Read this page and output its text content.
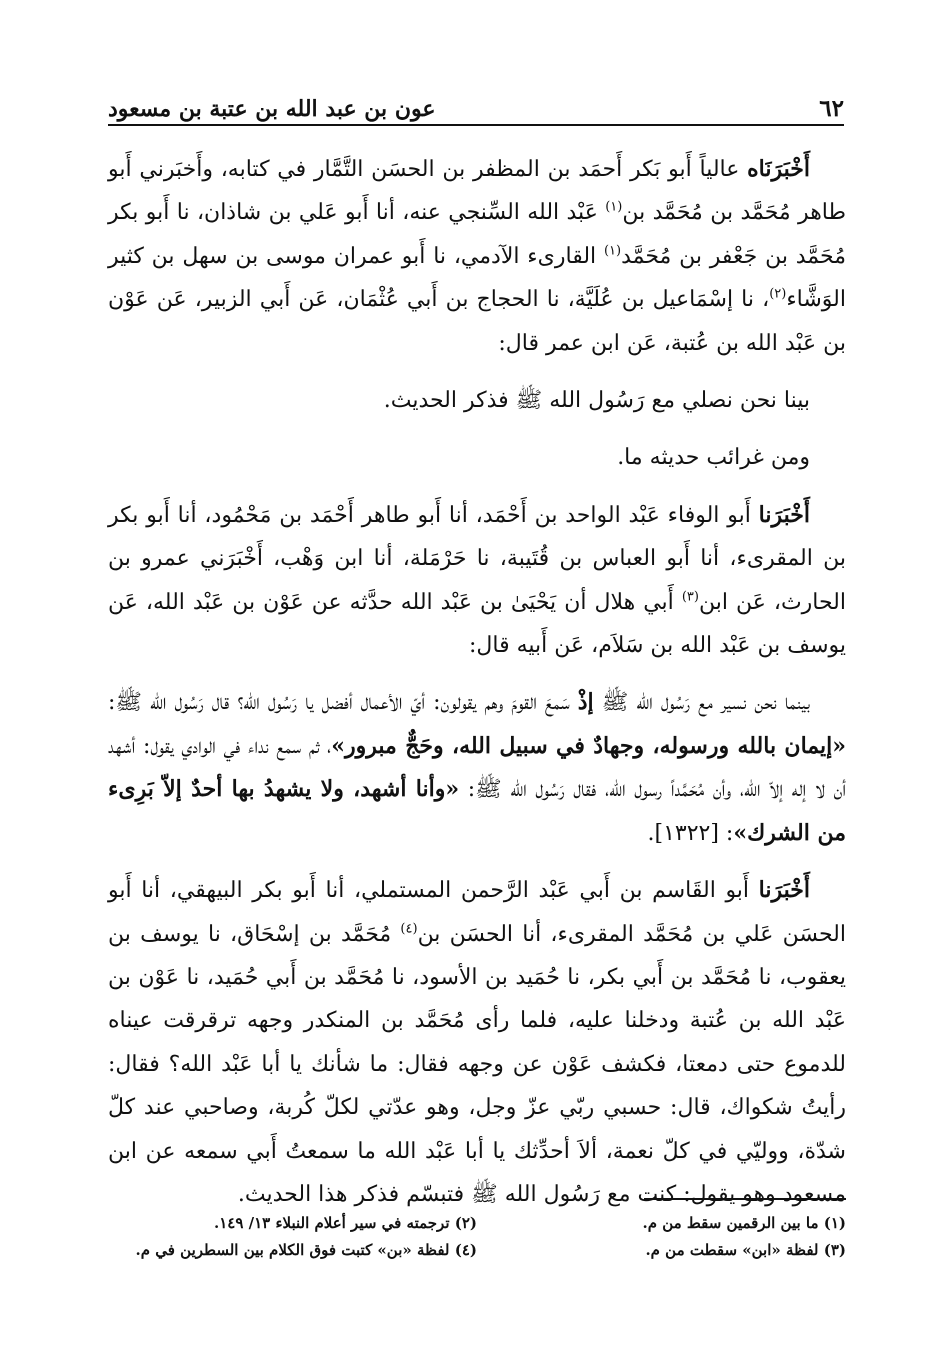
٦٢
عون بن عبد الله بن عتبة بن مسعود

أَخْبَرَنَاه عالياً أَبو بَكر أَحمَد بن المظفر بن الحسَن التَّمَّار في كتابه، وأَخبَرني أَبو طاهر مُحَمَّد بن مُحَمَّد بن$^{(١)}$ عَبْد الله السِّنجي عنه، أنا أَبو عَلي بن شاذان، نا أَبو بكر مُحَمَّد بن جَعْفر بن مُحَمَّد$^{(١)}$ القارىء الآدمي، نا أَبو عمران موسى بن سهل بن كثير الوَشَّاء$^{(٢)}$، نا إسْمَاعيل بن عُلَيَّة، نا الحجاج بن أَبي عُثْمَان، عَن أَبي الزبير، عَن عَوْن بن عَبْد الله بن عُتبة، عَن ابن عمر قال:

بينا نحن نصلي مع رَسُول الله ﷺ فذكر الحديث.

ومن غرائب حديثه ما.

أَخْبَرَنا أَبو الوفاء عَبْد الواحد بن أَحْمَد، أنا أَبو طاهر أَحْمَد بن مَحْمُود، أنا أَبو بكر بن المقرىء، أنا أَبو العباس بن قُتَيبة، نا حَرْمَلة، أنا ابن وَهْب، أَخْبَرَني عمرو بن الحارث، عَن ابن$^{(٣)}$ أَبي هلال أن يَحْيَىٰ بن عَبْد الله حدَّثه عن عَوْن بن عَبْد الله، عَن يوسف بن عَبْد الله بن سَلاَم، عَن أَبيه قال:

بينما نحن نسير مع رَسُول الله ﷺ إذْ سَمعَ القومَ وهم يقولون: أيّ الأعمال أفضل يا رَسُول الله؟ قال رَسُول الله ﷺ: «إيمان بالله ورسوله، وجهادٌ في سبيل الله، وحَجٌّ مبرور»، ثم سمع نداء في الوادي يقول: أشهد أن لا إله إلاّ الله، وأن مُحَمَّداً رسول الله، فقال رَسُول الله ﷺ: «وأنا أشهد، ولا يشهدُ بها أحدٌ إلاّ بَرِىء من الشرك»: [١٣٢٢].

أَخْبَرَنا أَبو القَاسم بن أَبي عَبْد الرَّحمن المستملي، أنا أَبو بكر البيهقي، أنا أَبو الحسَن عَلي بن مُحَمَّد المقرىء، أنا الحسَن بن$^{(٤)}$ مُحَمَّد بن إسْحَاق، نا يوسف بن يعقوب، نا مُحَمَّد بن أَبي بكر، نا حُمَيد بن الأسود، نا مُحَمَّد بن أَبي حُمَيد، نا عَوْن بن عَبْد الله بن عُتبة ودخلنا عليه، فلما رأى مُحَمَّد بن المنكدر وجهه ترقرقت عيناه للدموع حتى دمعتا، فكشف عَوْن عن وجهه فقال: ما شأنك يا أبا عَبْد الله؟ فقال: رأيتُ شكواك، قال: حسبي ربّي عزّ وجل، وهو عدّتي لكلّ كُربة، وصاحبي عند كلّ شدّة، ووليّي في كلّ نعمة، ألاَ أحدِّثك يا أبا عَبْد الله ما سمعتُ أَبي سمعه عن ابن مسعود وهو يقول: كنت مع رَسُول الله ﷺ فتبسّم فذكر هذا الحديث.

(١) ما بين الرقمين سقط من م.
(٢) ترجمته في سير أعلام النبلاء ١٣/ ١٤٩.
(٣) لفظة «ابن» سقطت من م.
(٤) لفظة «بن» كتبت فوق الكلام بين السطرين في م.
